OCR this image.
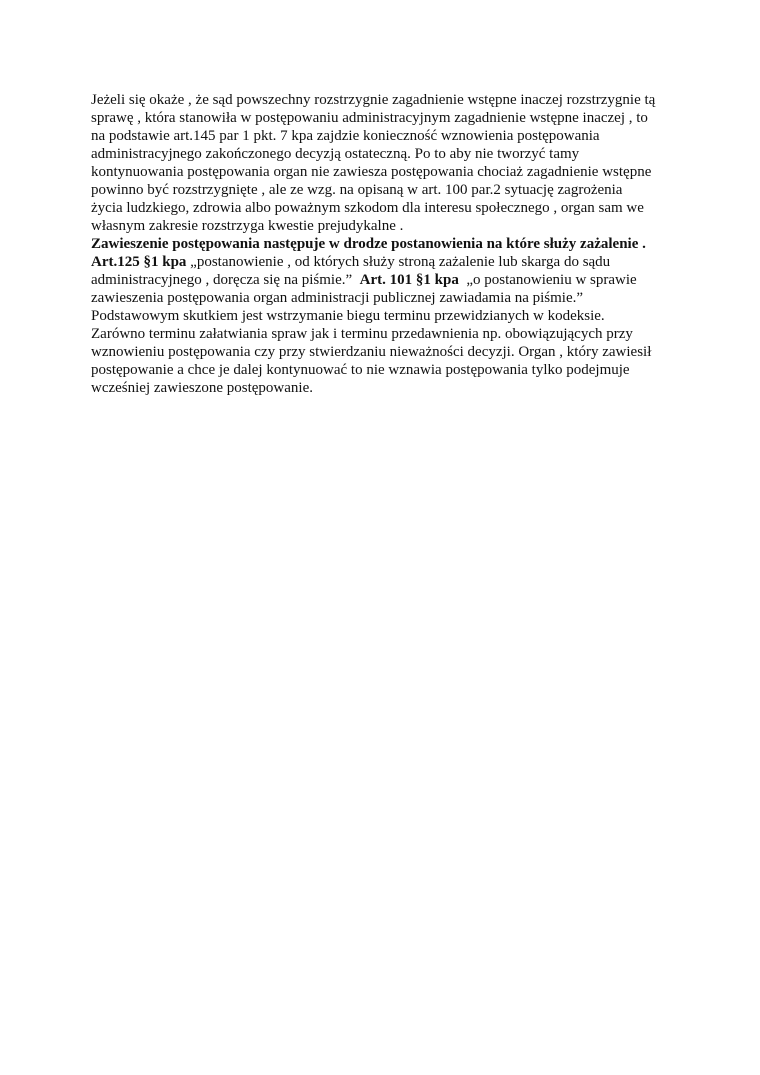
Jeżeli się okaże , że sąd powszechny rozstrzygnie zagadnienie wstępne inaczej rozstrzygnie tą
sprawę , która stanowiła w postępowaniu administracyjnym zagadnienie wstępne inaczej , to
na podstawie art.145 par 1 pkt. 7 kpa zajdzie konieczność wznowienia postępowania
administracyjnego zakończonego decyzją ostateczną. Po to aby nie tworzyć tamy
kontynuowania postępowania organ nie zawiesza postępowania chociaż zagadnienie wstępne
powinno być rozstrzygnięte , ale ze wzg. na opisaną w art. 100 par.2 sytuację zagrożenia
życia ludzkiego, zdrowia albo poważnym szkodom dla interesu społecznego , organ sam we
własnym zakresie rozstrzyga kwestie prejudykalne .

Zawieszenie postępowania następuje w drodze postanowienia na które służy zażalenie .

Art.125 §1 kpa „postanowienie , od których służy stroną zażalenie lub skarga do sądu
administracyjnego , doręcza się na piśmie.”  Art. 101 §1 kpa  „o postanowieniu w sprawie
zawieszenia postępowania organ administracji publicznej zawiadamia na piśmie.”
Podstawowym skutkiem jest wstrzymanie biegu terminu przewidzianych w kodeksie.
Zarówno terminu załatwiania spraw jak i terminu przedawnienia np. obowiązujących przy
wznowieniu postępowania czy przy stwierdzaniu nieważności decyzji. Organ , który zawiesił
postępowanie a chce je dalej kontynuować to nie wznawia postępowania tylko podejmuje
wcześniej zawieszone postępowanie.
